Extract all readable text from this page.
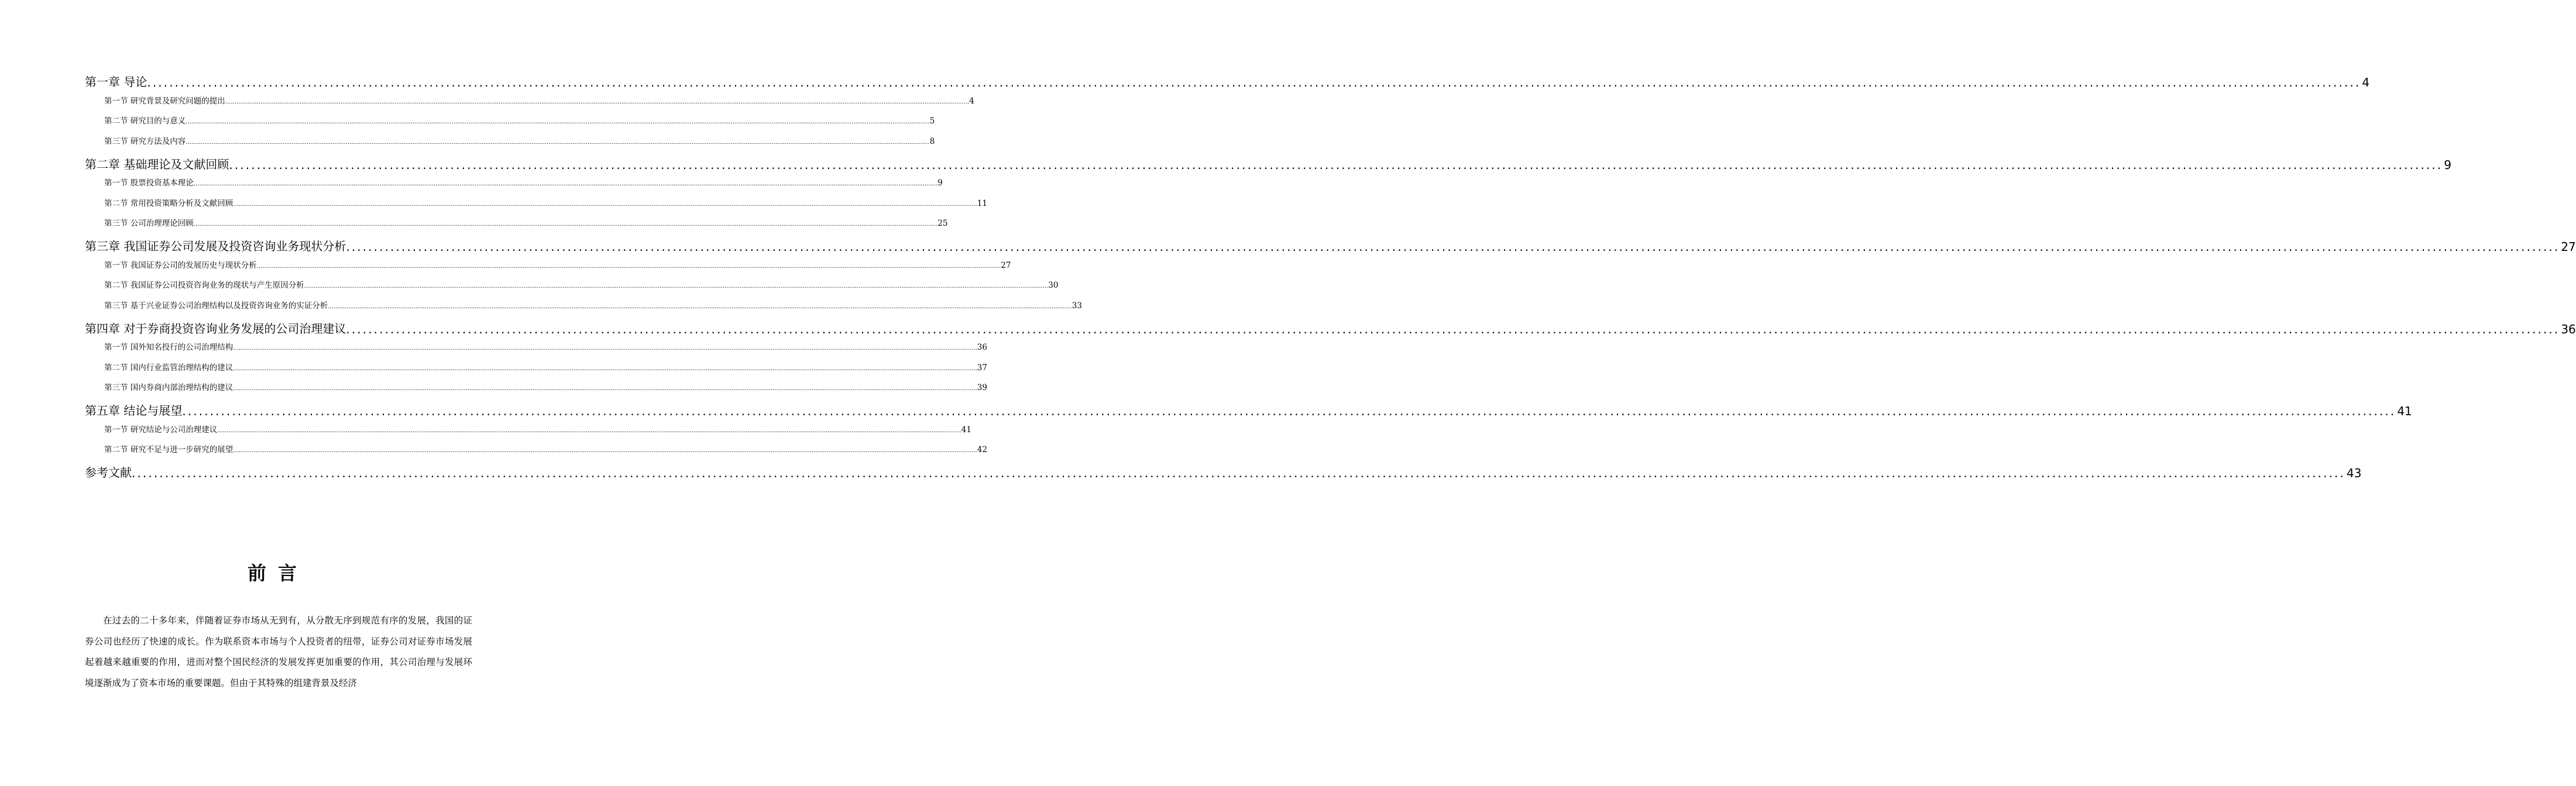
第一章 导论 ................................................................................................................................................................................................................................................................................................................................................................................................................ 4
第一节 研究背景及研究问题的提出 ................................................................................................................................................................................................................................................................................................................................................................................................................ 4
第二节 研究目的与意义 ................................................................................................................................................................................................................................................................................................................................................................................................................ 5
第三节 研究方法及内容 ................................................................................................................................................................................................................................................................................................................................................................................................................ 8
第二章 基础理论及文献回顾 ................................................................................................................................................................................................................................................................................................................................................................................................................ 9
第一节 股票投资基本理论 ................................................................................................................................................................................................................................................................................................................................................................................................................ 9
第二节 常用投资策略分析及文献回顾 ................................................................................................................................................................................................................................................................................................................................................................................................................ 11
第三节 公司治理理论回顾 ................................................................................................................................................................................................................................................................................................................................................................................................................ 25
第三章 我国证券公司发展及投资咨询业务现状分析 ................................................................................................................................................................................................................................................................................................................................................................................................................ 27
第一节 我国证券公司的发展历史与现状分析 ................................................................................................................................................................................................................................................................................................................................................................................................................ 27
第二节 我国证券公司投资咨询业务的现状与产生原因分析 ................................................................................................................................................................................................................................................................................................................................................................................................................ 30
第三节 基于兴业证券公司治理结构以及投资咨询业务的实证分析 ................................................................................................................................................................................................................................................................................................................................................................................................................ 33
第四章 对于券商投资咨询业务发展的公司治理建议 ................................................................................................................................................................................................................................................................................................................................................................................................................ 36
第一节 国外知名投行的公司治理结构 ................................................................................................................................................................................................................................................................................................................................................................................................................ 36
第二节 国内行业监管治理结构的建议 ................................................................................................................................................................................................................................................................................................................................................................................................................ 37
第三节 国内券商内部治理结构的建议 ................................................................................................................................................................................................................................................................................................................................................................................................................ 39
第五章 结论与展望 ................................................................................................................................................................................................................................................................................................................................................................................................................ 41
第一节 研究结论与公司治理建议 ................................................................................................................................................................................................................................................................................................................................................................................................................ 41
第二节 研究不足与进一步研究的展望 ................................................................................................................................................................................................................................................................................................................................................................................................................ 42
参考文献 ................................................................................................................................................................................................................................................................................................................................................................................................................ 43
前言

在过去的二十多年来，伴随着证券市场从无到有，从分散无序到规范有序的发展，我国的证券公司也经历了快速的成长。作为联系资本市场与个人投资者的纽带，证券公司对证券市场发展起着越来越重要的作用，进而对整个国民经济的发展发挥更加重要的作用，其公司治理与发展环境逐渐成为了资本市场的重要课题。但由于其特殊的组建背景及经济
